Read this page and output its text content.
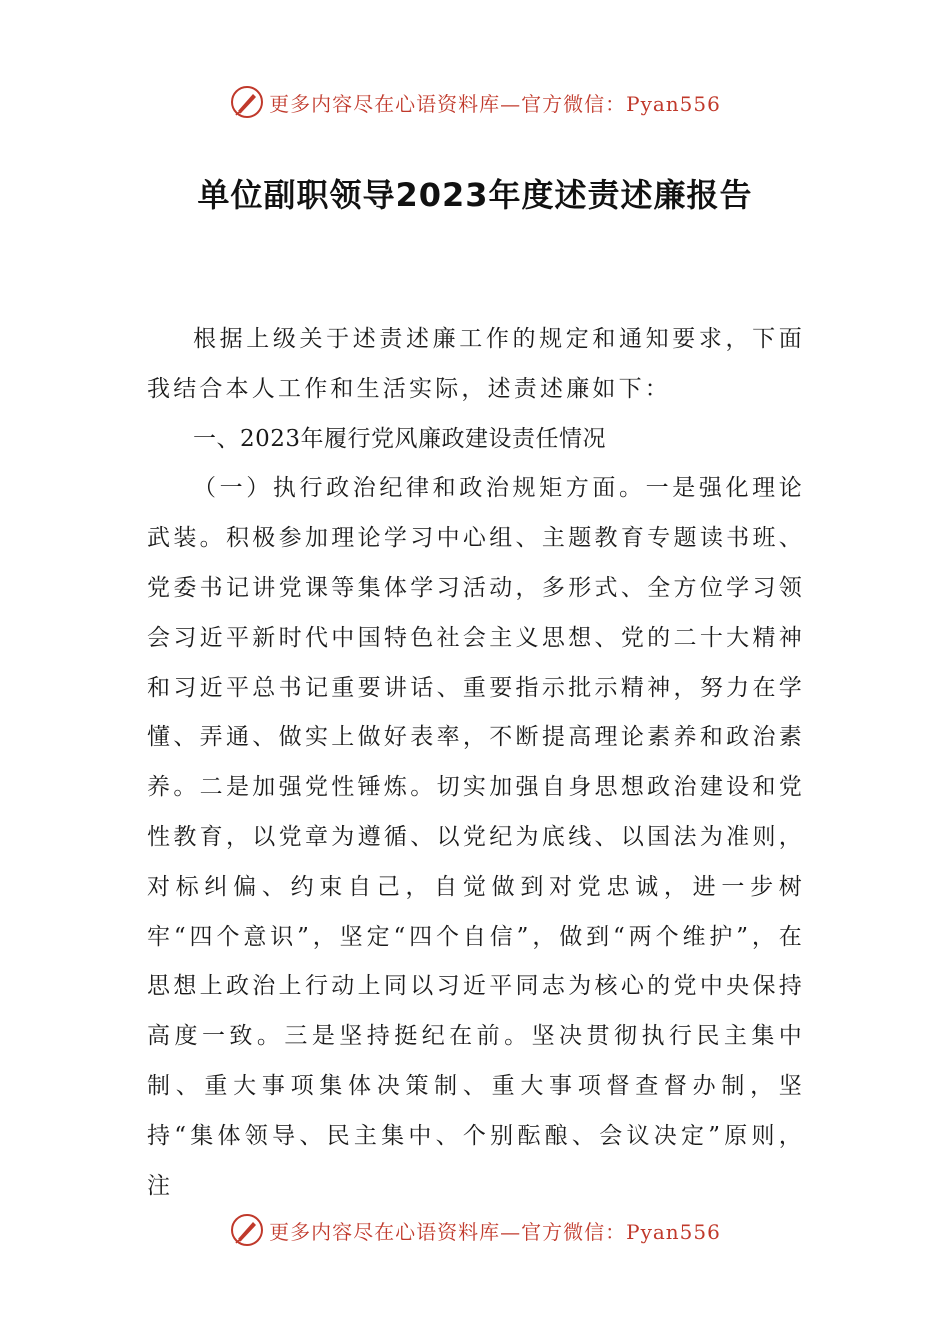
更多内容尽在心语资料库—官方微信：Pyan556
单位副职领导2023年度述责述廉报告

根据上级关于述责述廉工作的规定和通知要求，下面我结合本人工作和生活实际，述责述廉如下：

一、2023年履行党风廉政建设责任情况

（一）执行政治纪律和政治规矩方面。一是强化理论武装。积极参加理论学习中心组、主题教育专题读书班、党委书记讲党课等集体学习活动，多形式、全方位学习领会习近平新时代中国特色社会主义思想、党的二十大精神和习近平总书记重要讲话、重要指示批示精神，努力在学懂、弄通、做实上做好表率，不断提高理论素养和政治素养。二是加强党性锤炼。切实加强自身思想政治建设和党性教育，以党章为遵循、以党纪为底线、以国法为准则，对标纠偏、约束自己，自觉做到对党忠诚，进一步树牢“四个意识”，坚定“四个自信”，做到“两个维护”，在思想上政治上行动上同以习近平同志为核心的党中央保持高度一致。三是坚持挺纪在前。坚决贯彻执行民主集中制、重大事项集体决策制、重大事项督查督办制，坚持“集体领导、民主集中、个别酝酿、会议决定”原则，注

更多内容尽在心语资料库—官方微信：Pyan556
